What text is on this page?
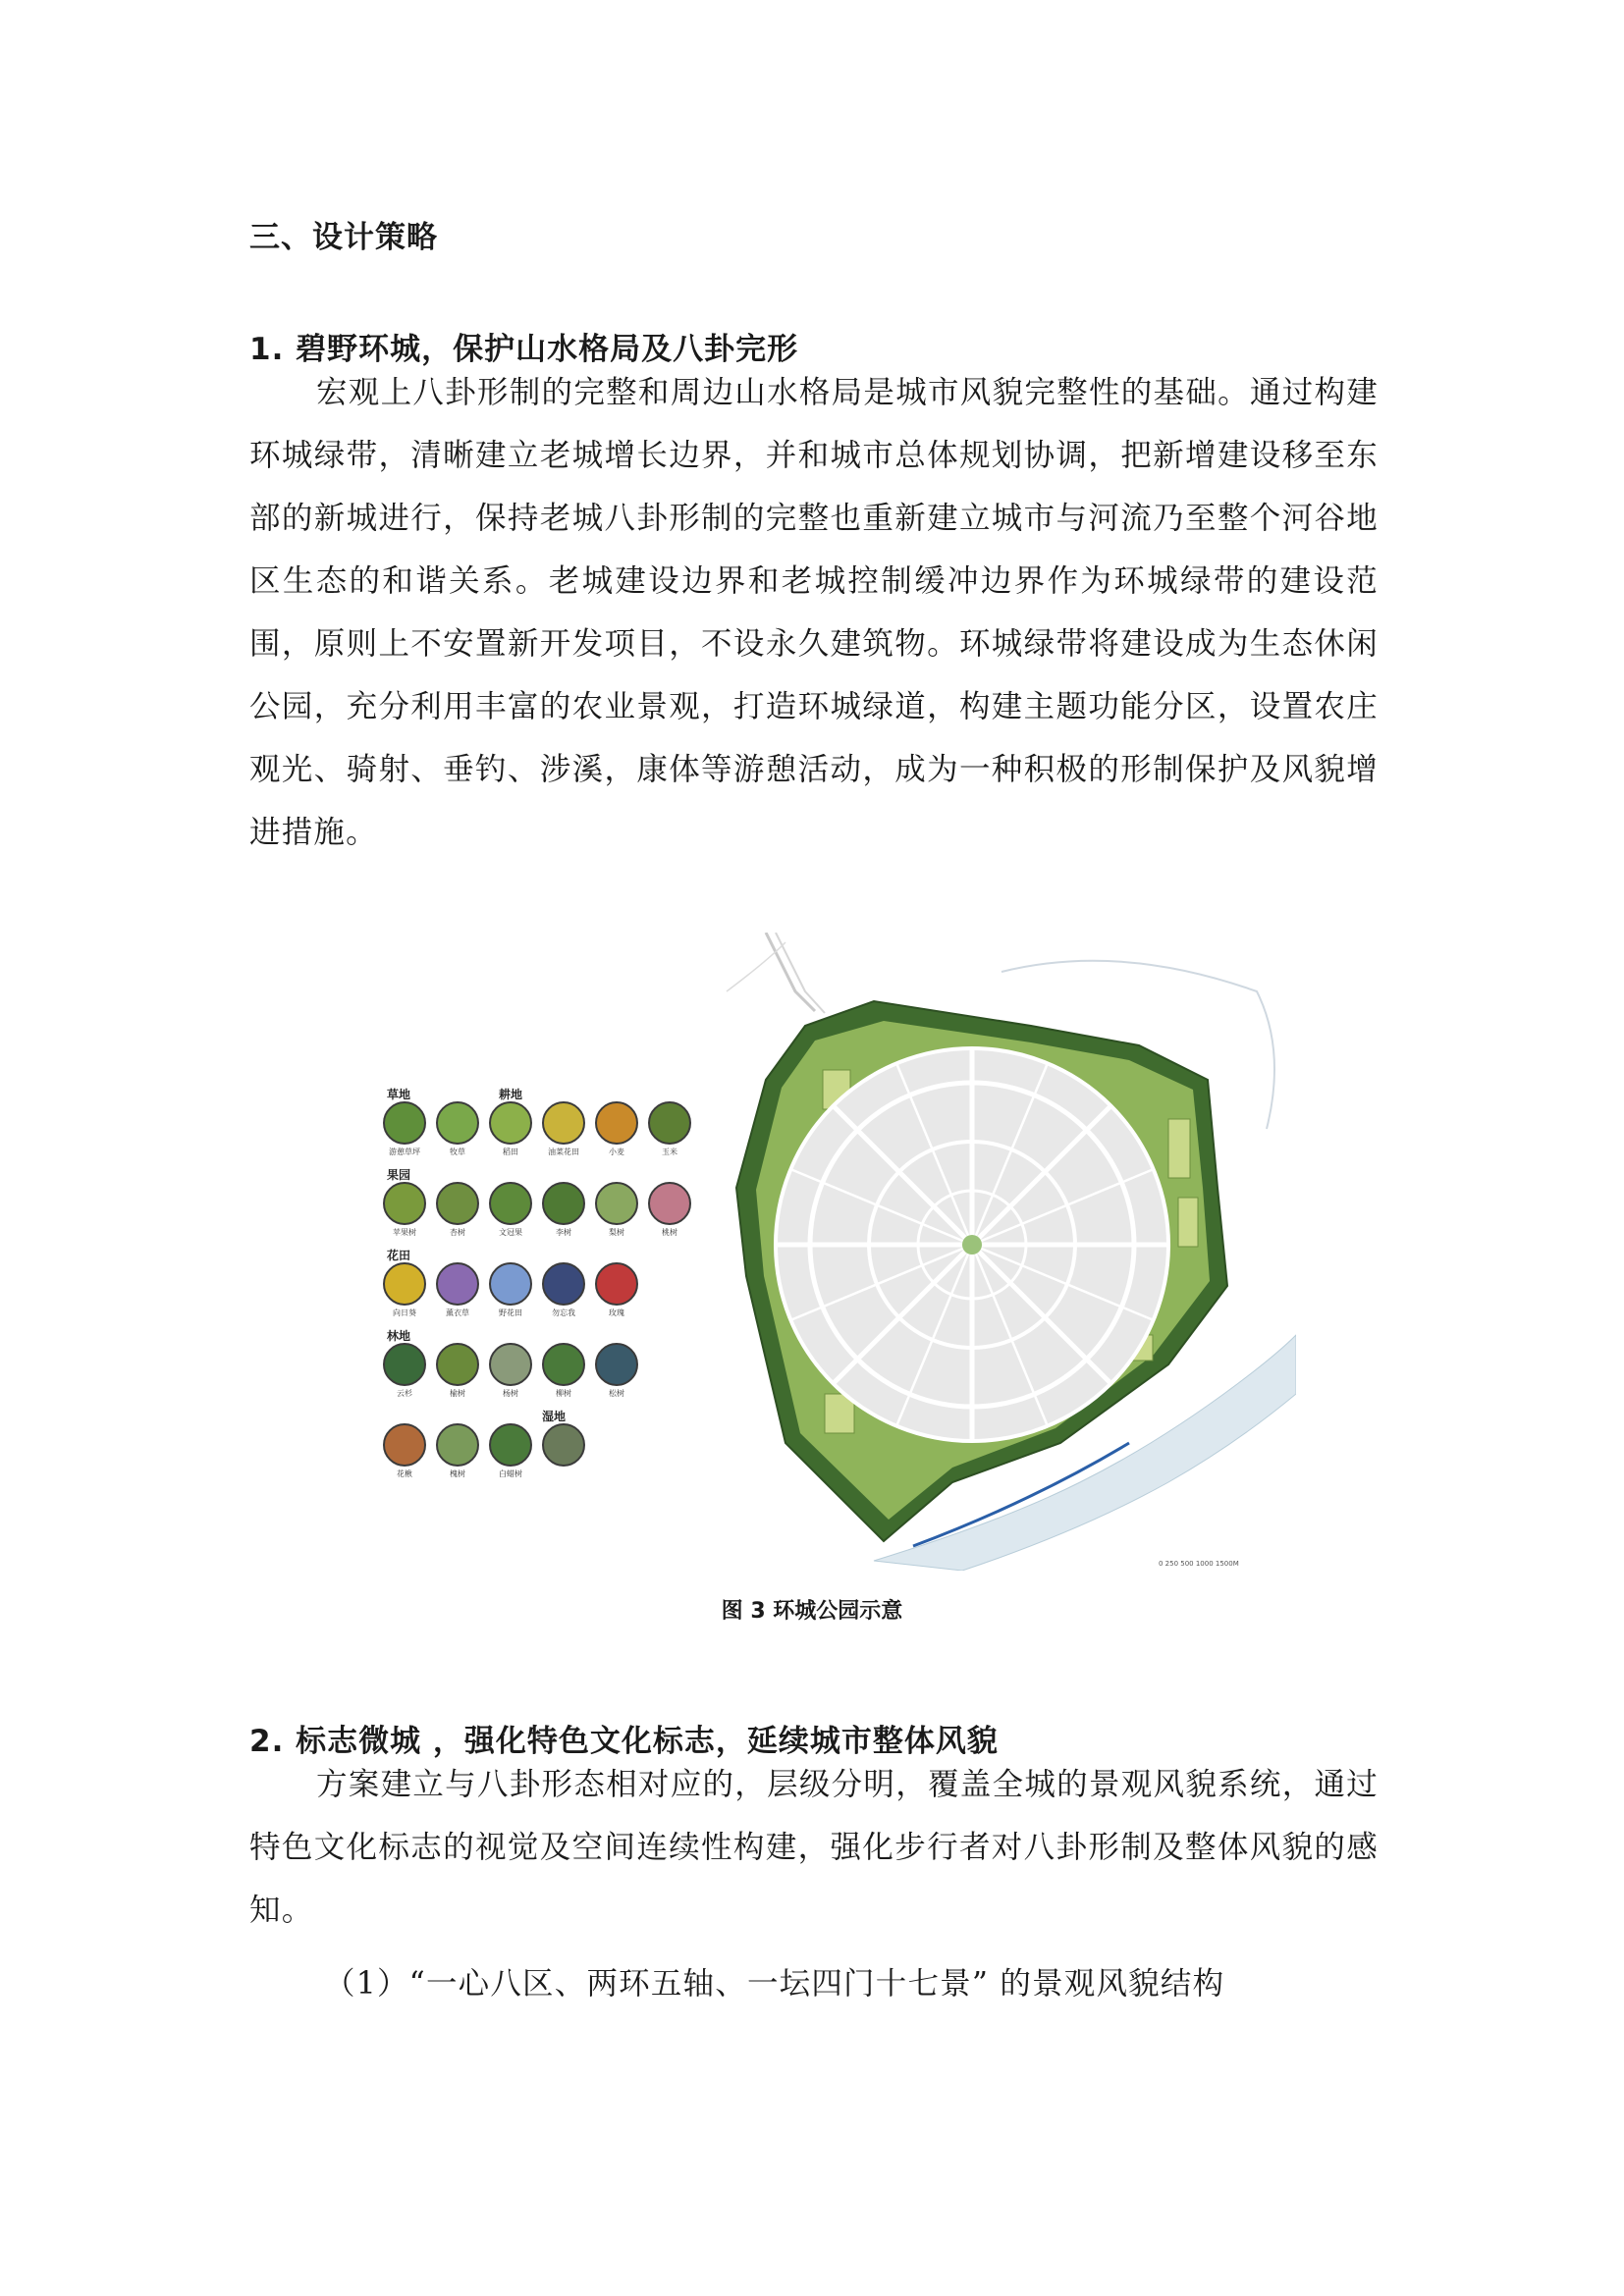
三、设计策略
1. 碧野环城，保护山水格局及八卦完形
宏观上八卦形制的完整和周边山水格局是城市风貌完整性的基础。通过构建环城绿带，清晰建立老城增长边界，并和城市总体规划协调，把新增建设移至东部的新城进行，保持老城八卦形制的完整也重新建立城市与河流乃至整个河谷地区生态的和谐关系。老城建设边界和老城控制缓冲边界作为环城绿带的建设范围，原则上不安置新开发项目，不设永久建筑物。环城绿带将建设成为生态休闲公园，充分利用丰富的农业景观，打造环城绿道，构建主题功能分区，设置农庄观光、骑射、垂钓、涉溪，康体等游憩活动，成为一种积极的形制保护及风貌增进措施。
草地	耕地
游憩草坪	牧草	稻田	油菜花田	小麦	玉米
果园
苹果树	杏树	文冠果	李树	梨树	桃树
花田
向日葵	薰衣草	野花田	勿忘我	玫瑰
林地
云杉	榆树	杨树	柳树	松树
湿地
花楸	槐树	白蜡树
0 250 500 1000 1500M
图 3 环城公园示意
2. 标志微城 ，强化特色文化标志，延续城市整体风貌
方案建立与八卦形态相对应的，层级分明，覆盖全城的景观风貌系统，通过特色文化标志的视觉及空间连续性构建，强化步行者对八卦形制及整体风貌的感知。
（1）“一心八区、两环五轴、一坛四门十七景” 的景观风貌结构
